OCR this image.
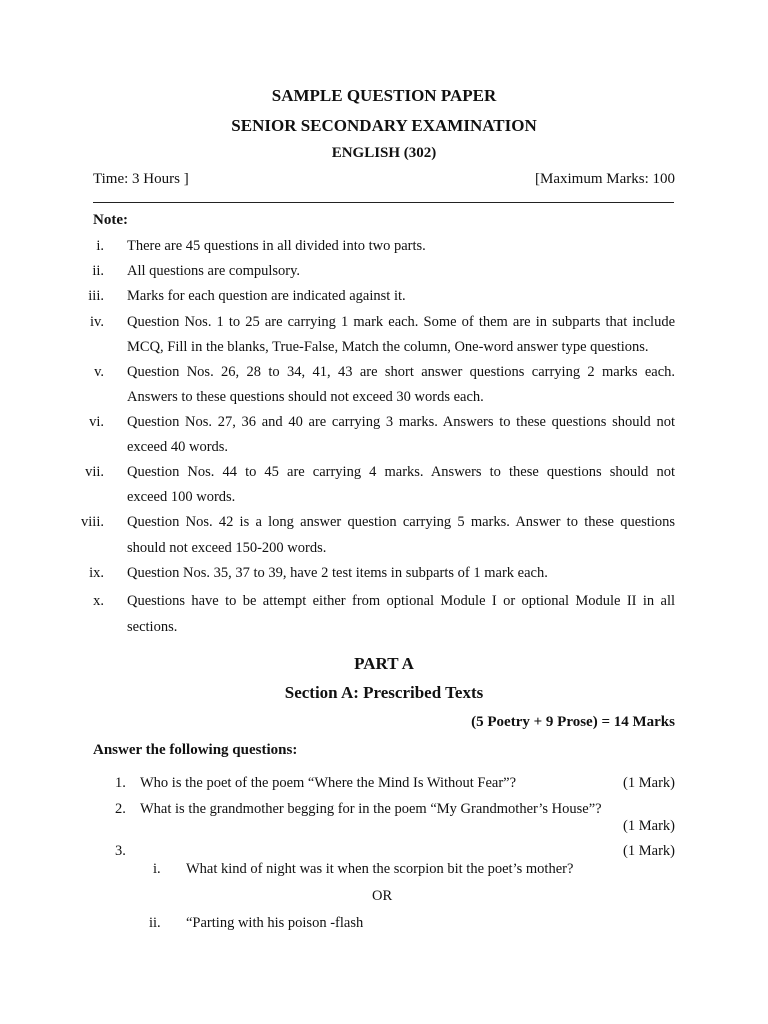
SAMPLE QUESTION PAPER
SENIOR SECONDARY EXAMINATION
ENGLISH (302)
Time: 3 Hours ]	[Maximum Marks: 100
Note:
i. There are 45 questions in all divided into two parts.
ii. All questions are compulsory.
iii. Marks for each question are indicated against it.
iv. Question Nos. 1 to 25 are carrying 1 mark each. Some of them are in subparts that include
MCQ, Fill in the blanks, True-False, Match the column, One-word answer type questions.
v. Question Nos. 26, 28 to 34, 41, 43 are short answer questions carrying 2 marks each.
Answers to these questions should not exceed 30 words each.
vi. Question Nos. 27, 36 and 40 are carrying 3 marks. Answers to these questions should not
exceed 40 words.
vii. Question Nos. 44 to 45 are carrying 4 marks. Answers to these questions should not
exceed 100 words.
viii. Question Nos. 42 is a long answer question carrying 5 marks. Answer to these questions
should not exceed 150-200 words.
ix. Question Nos. 35, 37 to 39, have 2 test items in subparts of 1 mark each.
x. Questions have to be attempt either from optional Module I or optional Module II in all
sections.
PART A
Section A: Prescribed Texts
(5 Poetry + 9 Prose) = 14 Marks
Answer the following questions:
1. Who is the poet of the poem “Where the Mind Is Without Fear”?	(1 Mark)
2. What is the grandmother begging for in the poem “My Grandmother’s House”?
(1 Mark)
3.	(1 Mark)
i. What kind of night was it when the scorpion bit the poet’s mother?
OR
ii. “Parting with his poison -flash
